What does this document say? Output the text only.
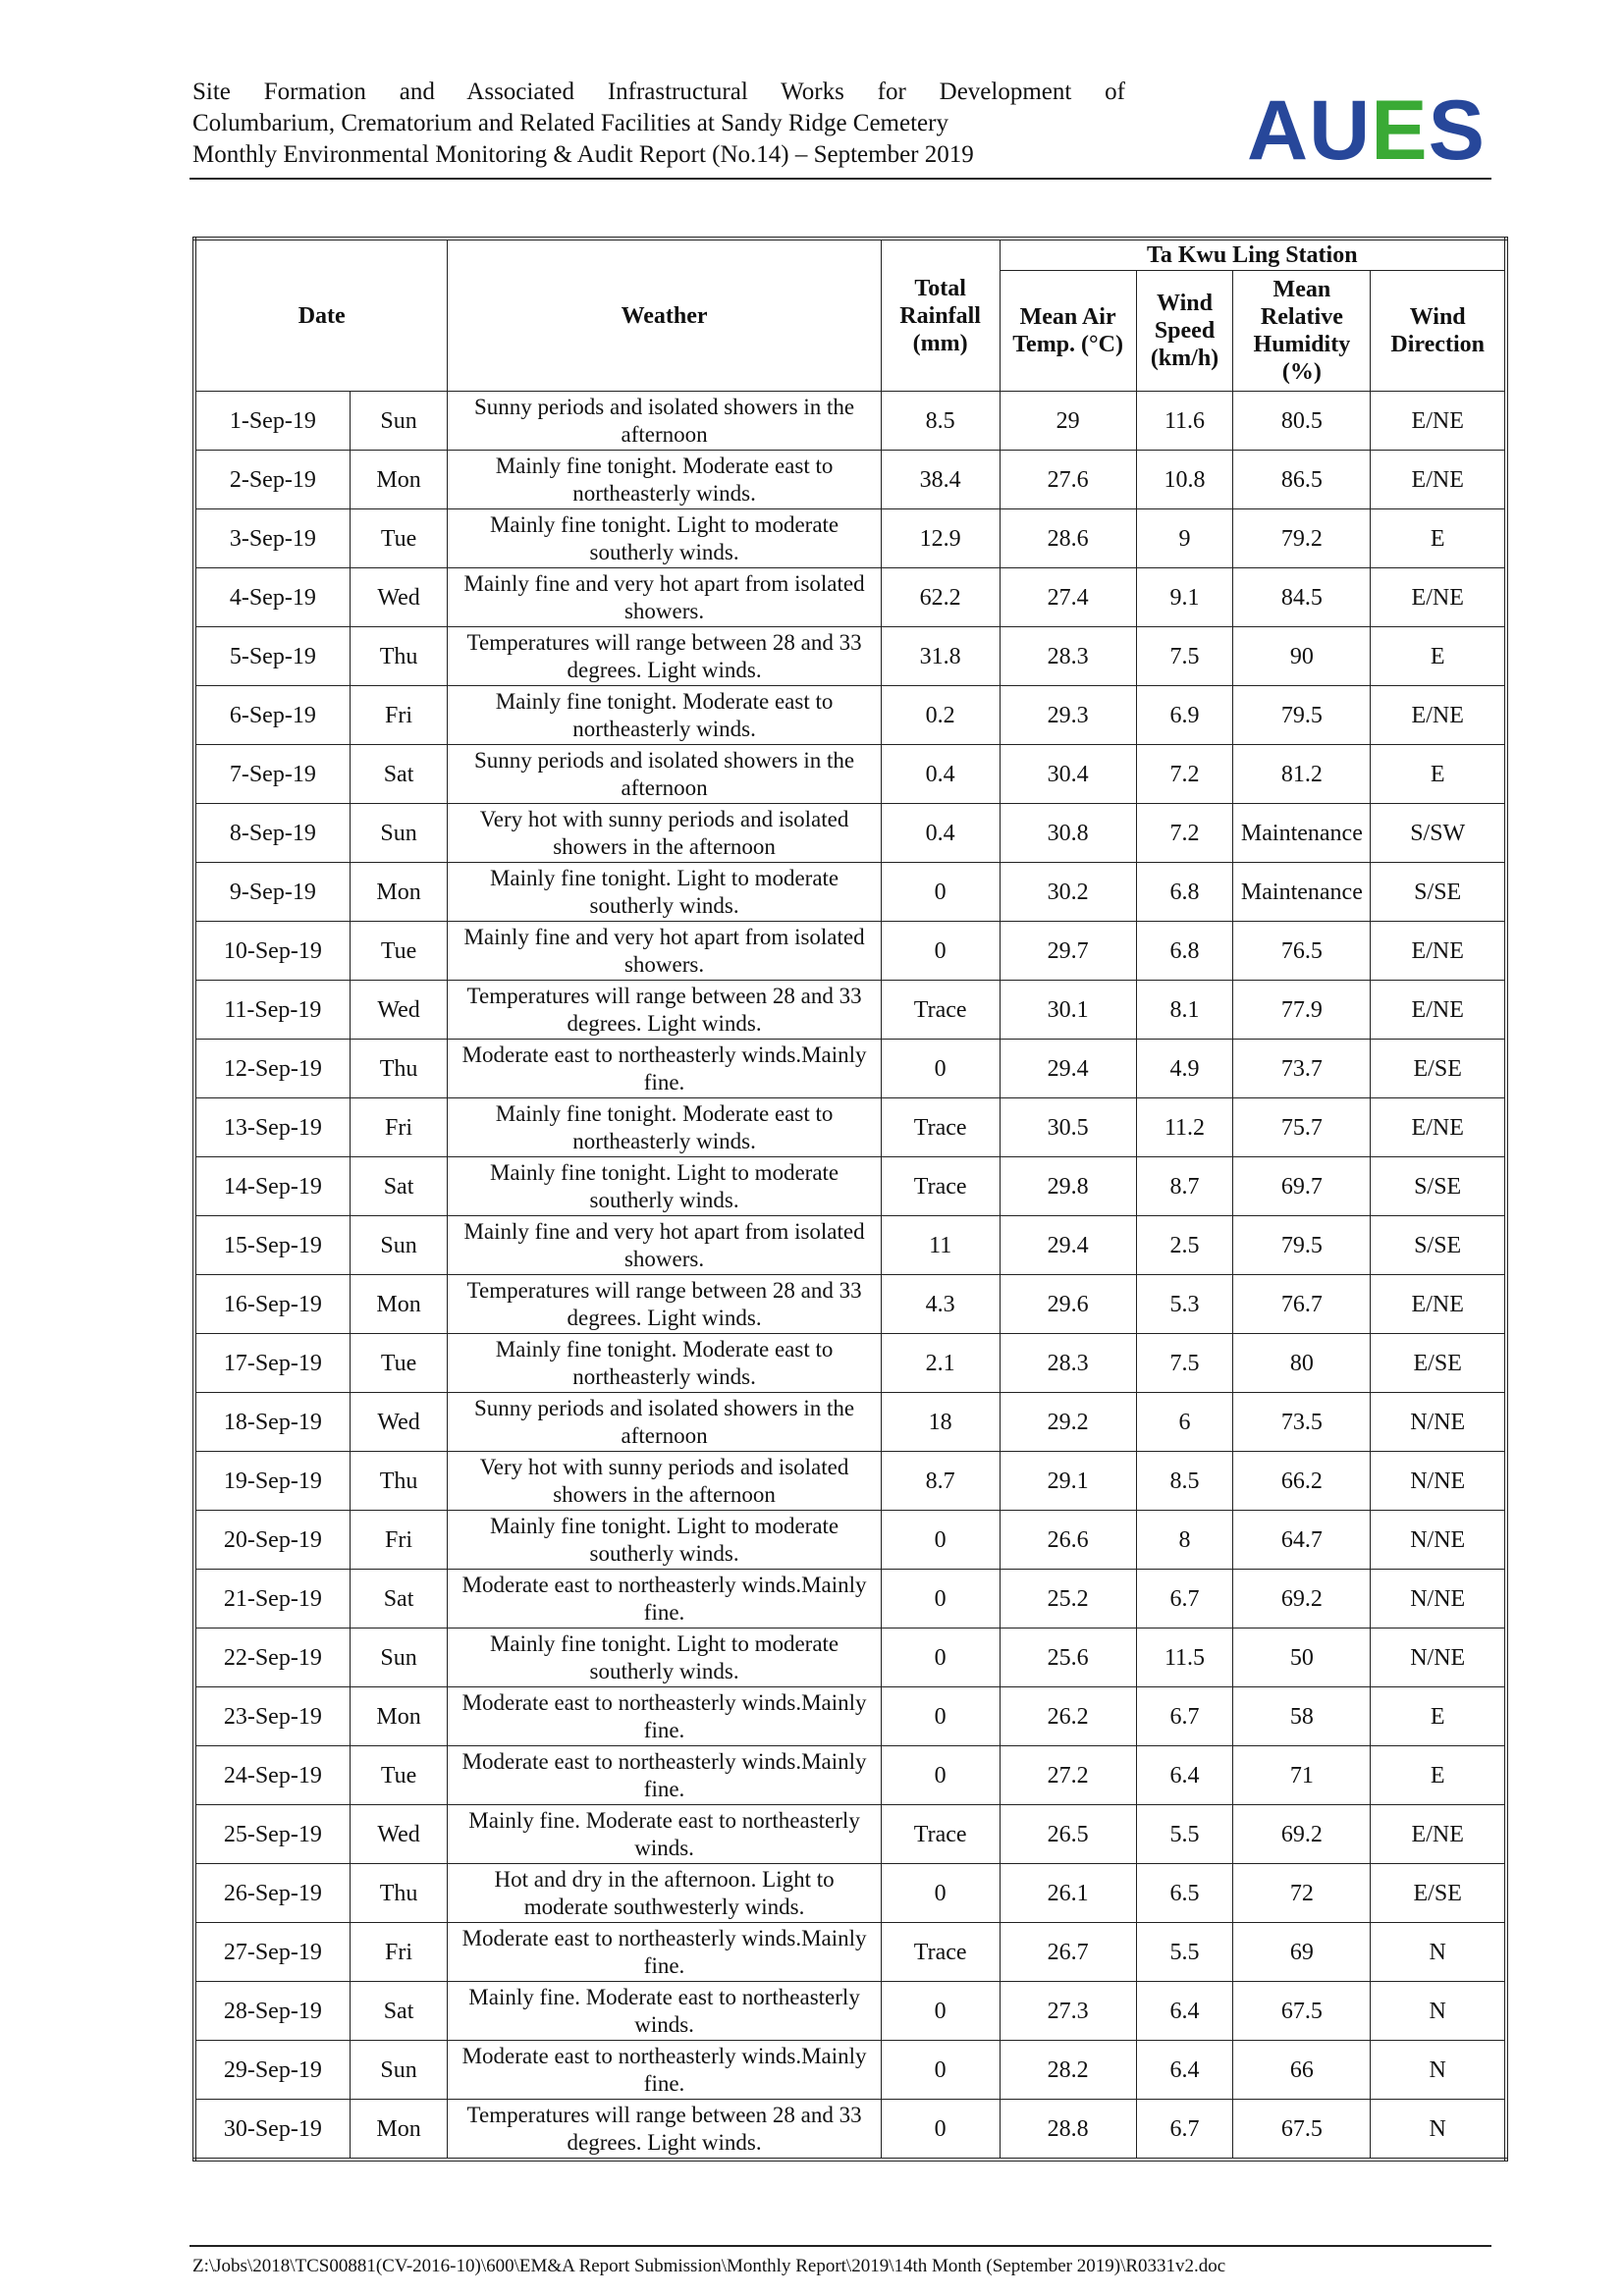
Site Formation and Associated Infrastructural Works for Development of
Columbarium, Crematorium and Related Facilities at Sandy Ridge Cemetery
Monthly Environmental Monitoring & Audit Report (No.14) – September 2019	AUES
Date		Weather	Total Rainfall (mm)	Ta Kwu Ling Station			
				Mean Air Temp. (°C)	Wind Speed (km/h)	Mean Relative Humidity (%)	Wind Direction
1-Sep-19	Sun	Sunny periods and isolated showers in the afternoon	8.5	29	11.6	80.5	E/NE
2-Sep-19	Mon	Mainly fine tonight. Moderate east to northeasterly winds.	38.4	27.6	10.8	86.5	E/NE
3-Sep-19	Tue	Mainly fine tonight. Light to moderate southerly winds.	12.9	28.6	9	79.2	E
4-Sep-19	Wed	Mainly fine and very hot apart from isolated showers.	62.2	27.4	9.1	84.5	E/NE
5-Sep-19	Thu	Temperatures will range between 28 and 33 degrees. Light winds.	31.8	28.3	7.5	90	E
6-Sep-19	Fri	Mainly fine tonight. Moderate east to northeasterly winds.	0.2	29.3	6.9	79.5	E/NE
7-Sep-19	Sat	Sunny periods and isolated showers in the afternoon	0.4	30.4	7.2	81.2	E
8-Sep-19	Sun	Very hot with sunny periods and isolated showers in the afternoon	0.4	30.8	7.2	Maintenance	S/SW
9-Sep-19	Mon	Mainly fine tonight. Light to moderate southerly winds.	0	30.2	6.8	Maintenance	S/SE
10-Sep-19	Tue	Mainly fine and very hot apart from isolated showers.	0	29.7	6.8	76.5	E/NE
11-Sep-19	Wed	Temperatures will range between 28 and 33 degrees. Light winds.	Trace	30.1	8.1	77.9	E/NE
12-Sep-19	Thu	Moderate east to northeasterly winds.Mainly fine.	0	29.4	4.9	73.7	E/SE
13-Sep-19	Fri	Mainly fine tonight. Moderate east to northeasterly winds.	Trace	30.5	11.2	75.7	E/NE
14-Sep-19	Sat	Mainly fine tonight. Light to moderate southerly winds.	Trace	29.8	8.7	69.7	S/SE
15-Sep-19	Sun	Mainly fine and very hot apart from isolated showers.	11	29.4	2.5	79.5	S/SE
16-Sep-19	Mon	Temperatures will range between 28 and 33 degrees. Light winds.	4.3	29.6	5.3	76.7	E/NE
17-Sep-19	Tue	Mainly fine tonight. Moderate east to northeasterly winds.	2.1	28.3	7.5	80	E/SE
18-Sep-19	Wed	Sunny periods and isolated showers in the afternoon	18	29.2	6	73.5	N/NE
19-Sep-19	Thu	Very hot with sunny periods and isolated showers in the afternoon	8.7	29.1	8.5	66.2	N/NE
20-Sep-19	Fri	Mainly fine tonight. Light to moderate southerly winds.	0	26.6	8	64.7	N/NE
21-Sep-19	Sat	Moderate east to northeasterly winds.Mainly fine.	0	25.2	6.7	69.2	N/NE
22-Sep-19	Sun	Mainly fine tonight. Light to moderate southerly winds.	0	25.6	11.5	50	N/NE
23-Sep-19	Mon	Moderate east to northeasterly winds.Mainly fine.	0	26.2	6.7	58	E
24-Sep-19	Tue	Moderate east to northeasterly winds.Mainly fine.	0	27.2	6.4	71	E
25-Sep-19	Wed	Mainly fine. Moderate east to northeasterly winds.	Trace	26.5	5.5	69.2	E/NE
26-Sep-19	Thu	Hot and dry in the afternoon. Light to moderate southwesterly winds.	0	26.1	6.5	72	E/SE
27-Sep-19	Fri	Moderate east to northeasterly winds.Mainly fine.	Trace	26.7	5.5	69	N
28-Sep-19	Sat	Mainly fine. Moderate east to northeasterly winds.	0	27.3	6.4	67.5	N
29-Sep-19	Sun	Moderate east to northeasterly winds.Mainly fine.	0	28.2	6.4	66	N
30-Sep-19	Mon	Temperatures will range between 28 and 33 degrees. Light winds.	0	28.8	6.7	67.5	N
Z:\Jobs\2018\TCS00881(CV-2016-10)\600\EM&A Report Submission\Monthly Report\2019\14th Month (September 2019)\R0331v2.doc
